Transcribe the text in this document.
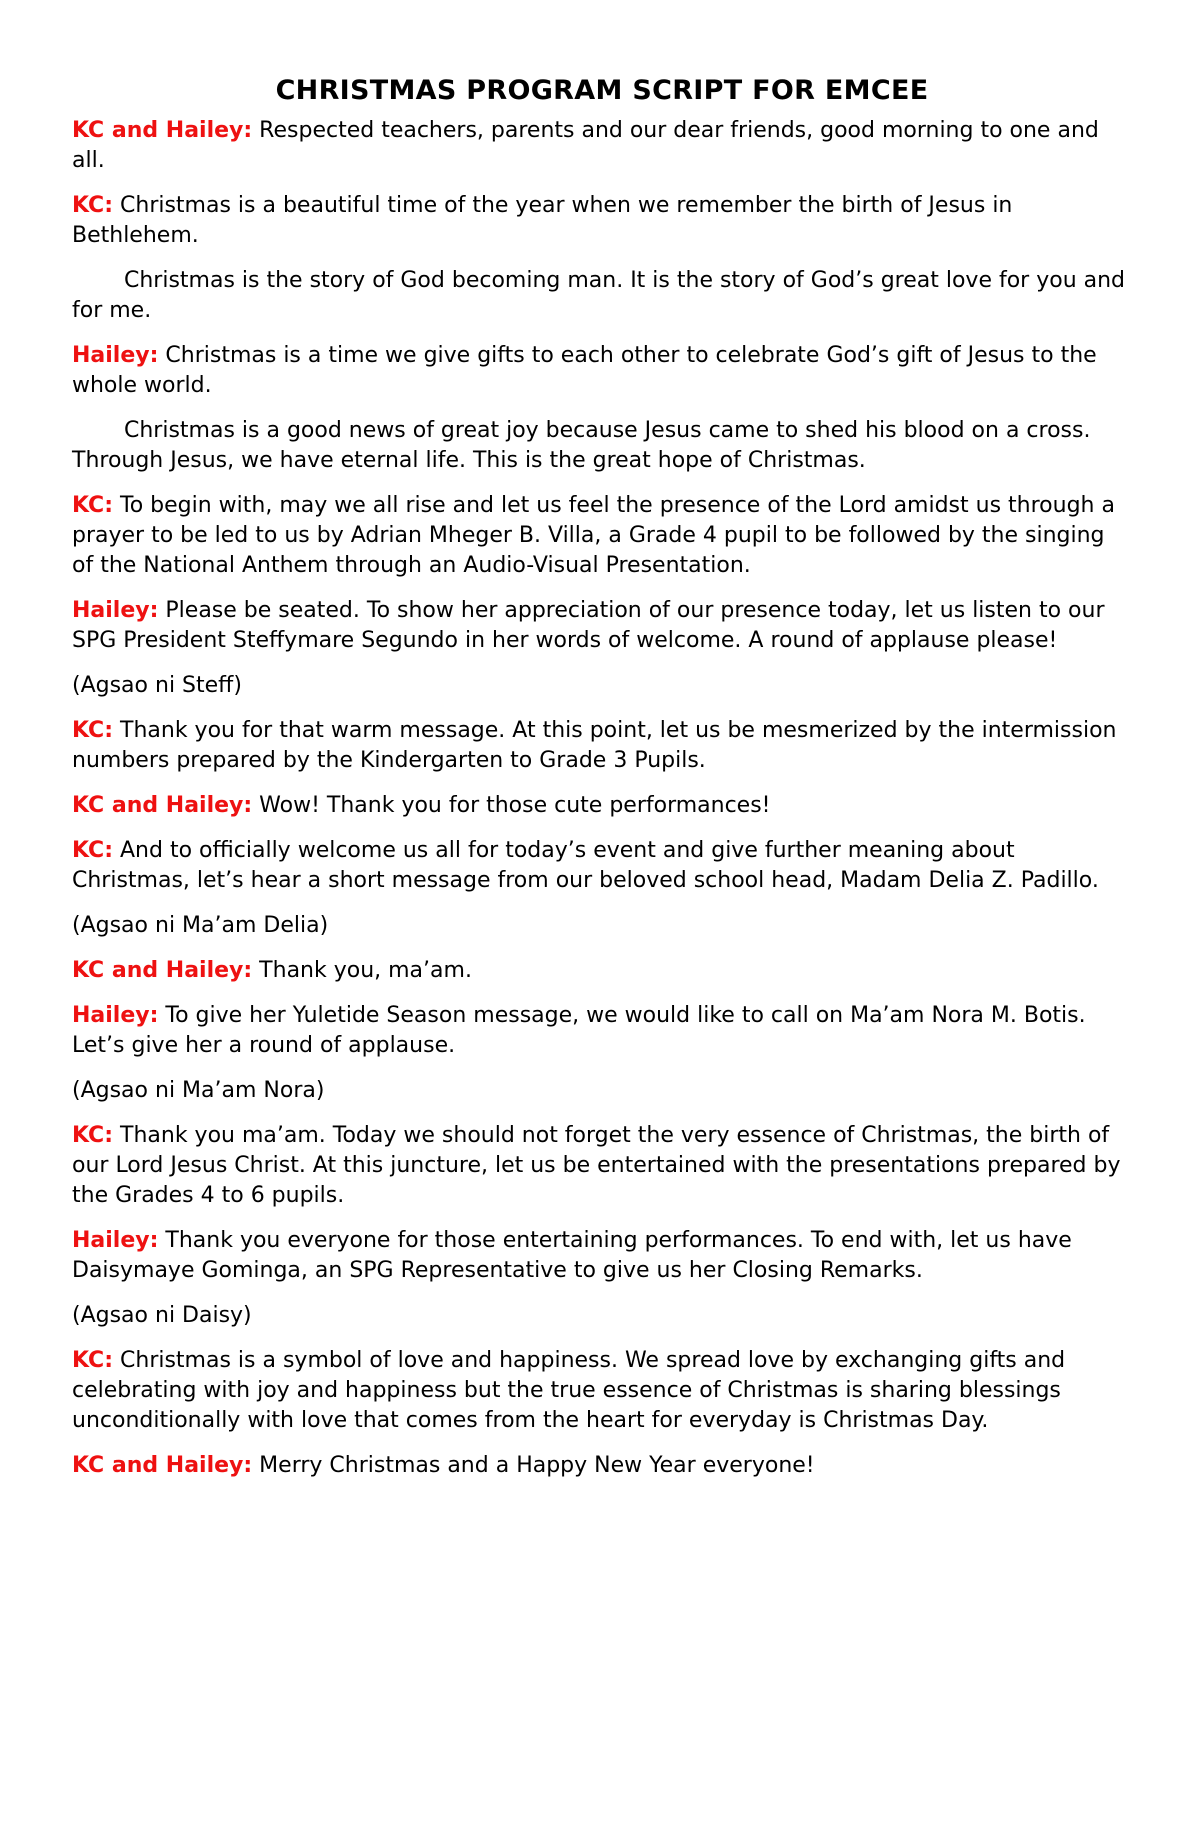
CHRISTMAS PROGRAM SCRIPT FOR EMCEE

KC and Hailey: Respected teachers, parents and our dear friends, good morning to one and all.

KC: Christmas is a beautiful time of the year when we remember the birth of Jesus in Bethlehem.

Christmas is the story of God becoming man. It is the story of God’s great love for you and for me.

Hailey: Christmas is a time we give gifts to each other to celebrate God’s gift of Jesus to the whole world.

Christmas is a good news of great joy because Jesus came to shed his blood on a cross. Through Jesus, we have eternal life. This is the great hope of Christmas.

KC: To begin with, may we all rise and let us feel the presence of the Lord amidst us through a prayer to be led to us by Adrian Mheger B. Villa, a Grade 4 pupil to be followed by the singing of the National Anthem through an Audio-Visual Presentation.

Hailey: Please be seated. To show her appreciation of our presence today, let us listen to our SPG President Steffymare Segundo in her words of welcome. A round of applause please!

(Agsao ni Steff)

KC: Thank you for that warm message. At this point, let us be mesmerized by the intermission numbers prepared by the Kindergarten to Grade 3 Pupils.

KC and Hailey: Wow! Thank you for those cute performances!

KC: And to officially welcome us all for today’s event and give further meaning about Christmas, let’s hear a short message from our beloved school head, Madam Delia Z. Padillo.

(Agsao ni Ma’am Delia)

KC and Hailey: Thank you, ma’am.

Hailey: To give her Yuletide Season message, we would like to call on Ma’am Nora M. Botis. Let’s give her a round of applause.

(Agsao ni Ma’am Nora)

KC: Thank you ma’am. Today we should not forget the very essence of Christmas, the birth of our Lord Jesus Christ. At this juncture, let us be entertained with the presentations prepared by the Grades 4 to 6 pupils.

Hailey: Thank you everyone for those entertaining performances. To end with, let us have Daisymaye Gominga, an SPG Representative to give us her Closing Remarks.

(Agsao ni Daisy)

KC: Christmas is a symbol of love and happiness. We spread love by exchanging gifts and celebrating with joy and happiness but the true essence of Christmas is sharing blessings unconditionally with love that comes from the heart for everyday is Christmas Day.

KC and Hailey: Merry Christmas and a Happy New Year everyone!
